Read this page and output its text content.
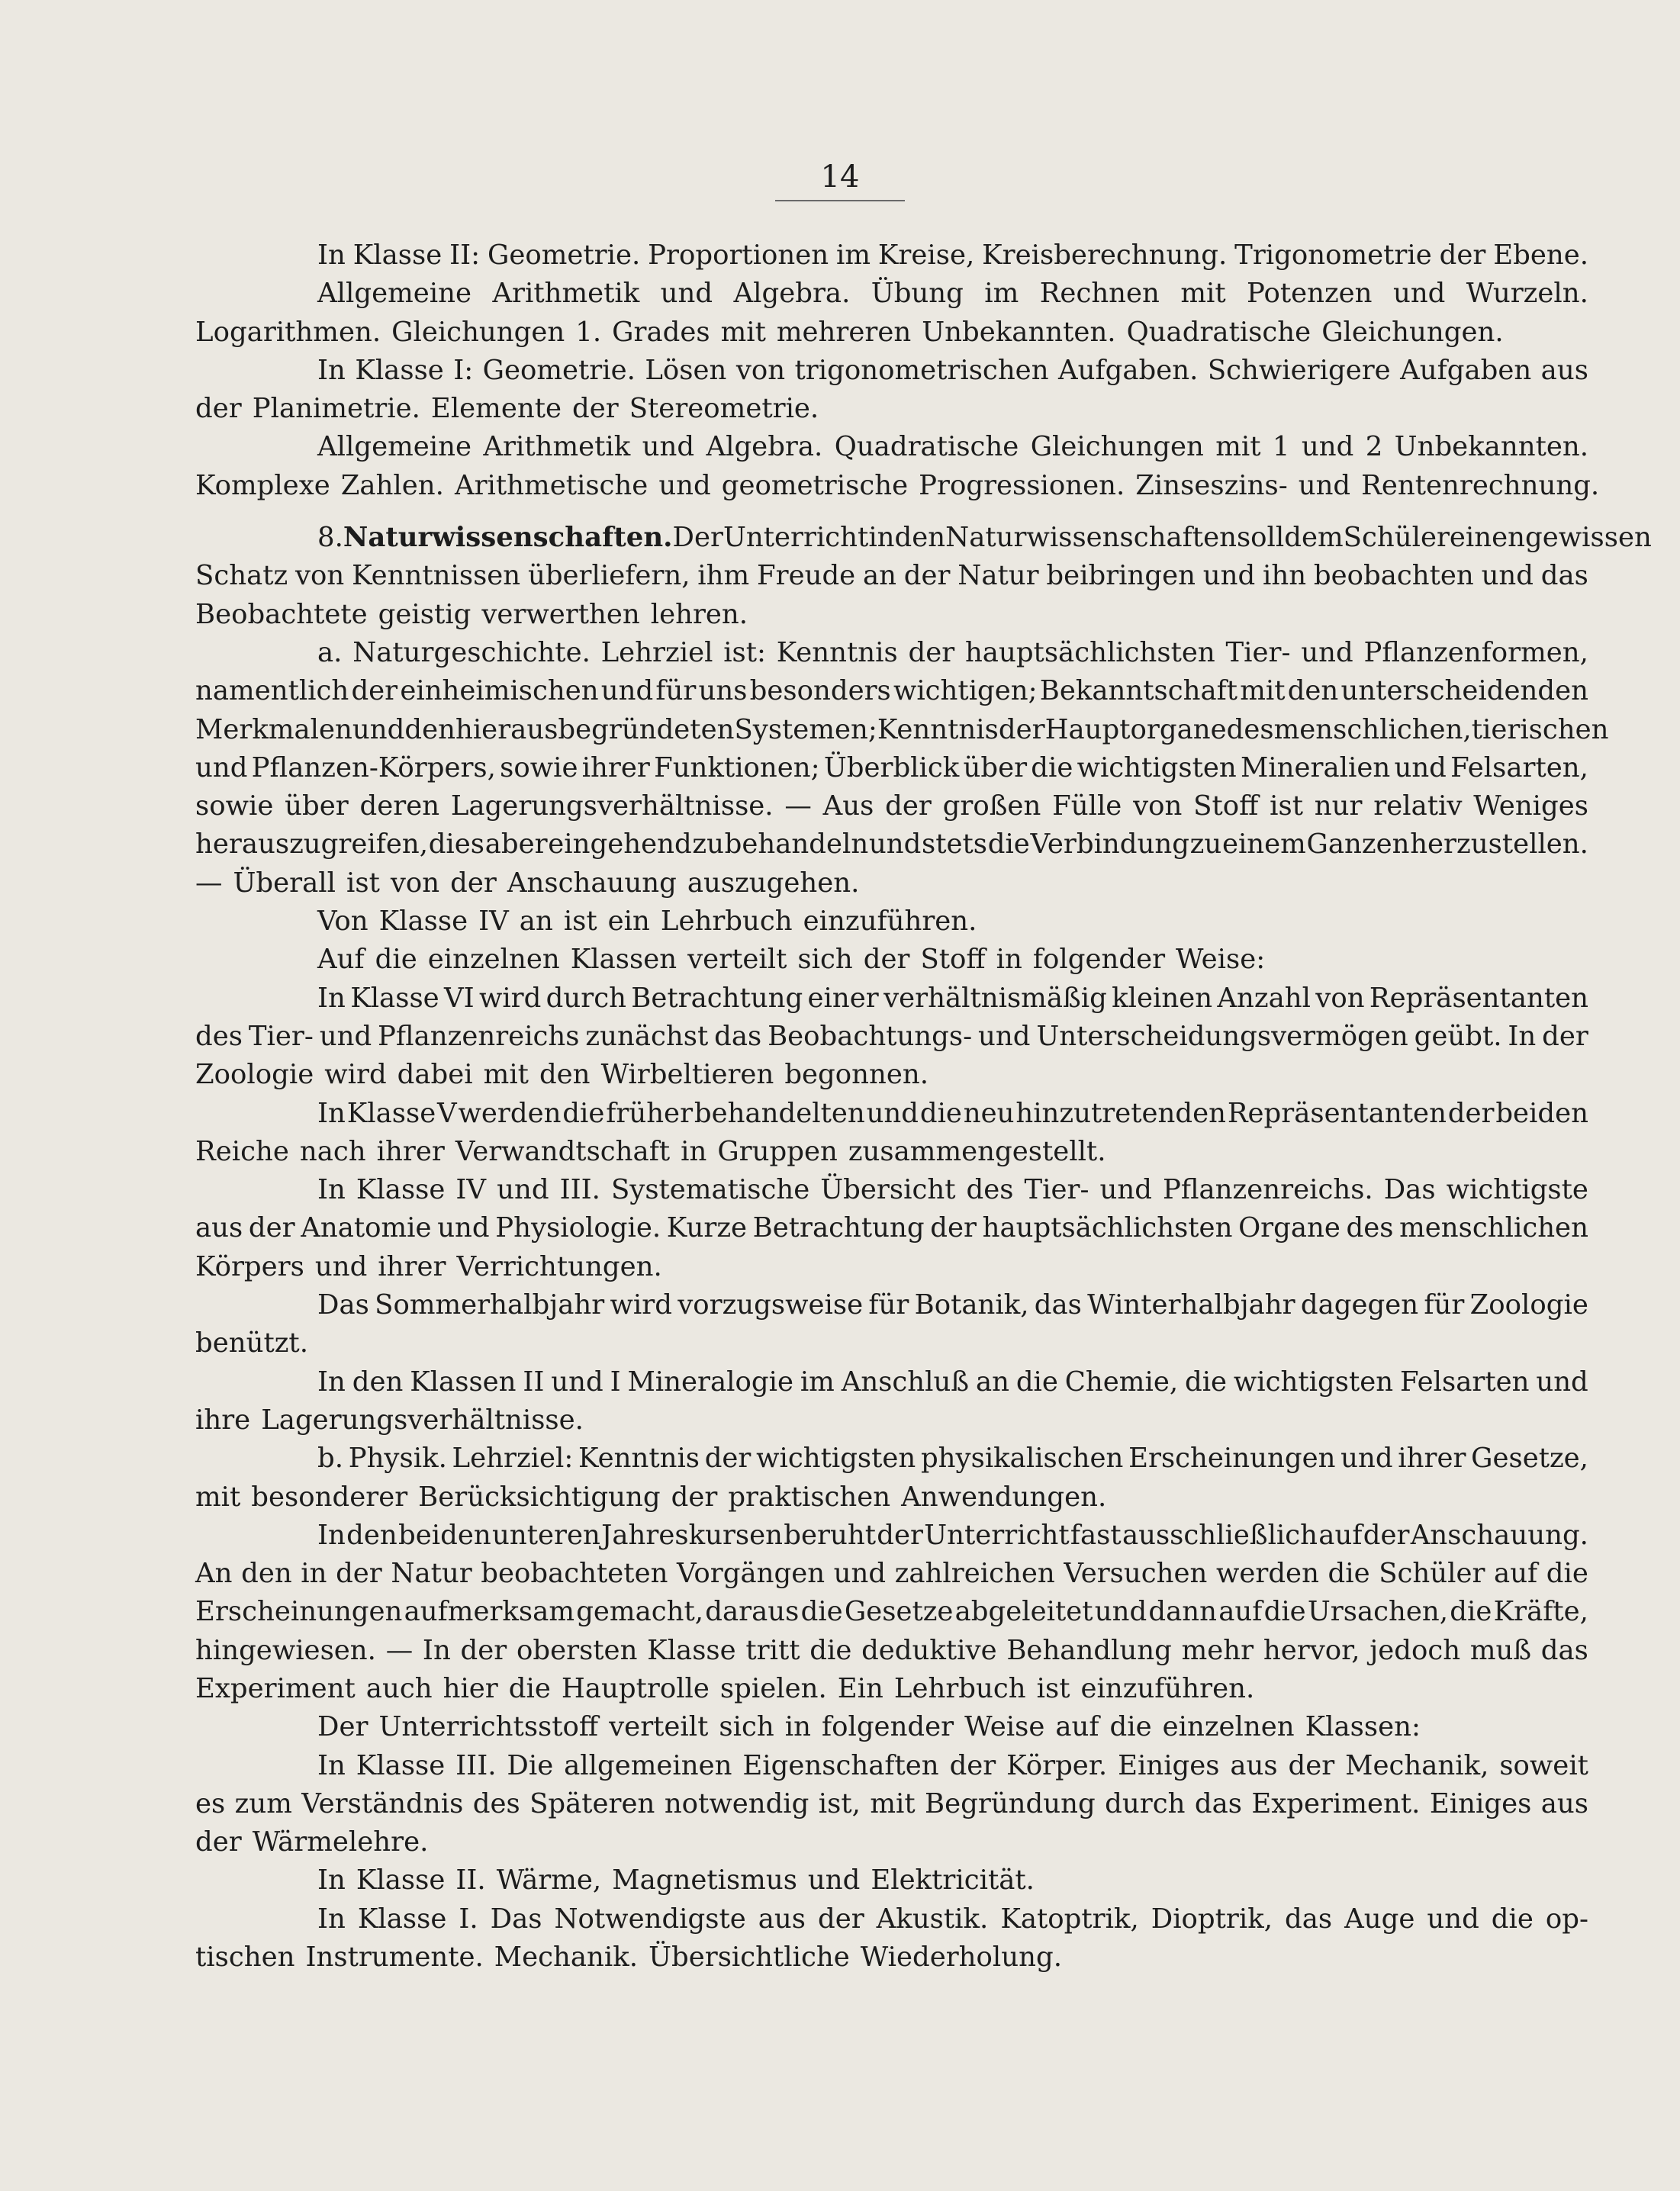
14
In Klasse II: Geometrie. Proportionen im Kreise, Kreisberechnung. Trigonometrie der Ebene.
Allgemeine Arithmetik und Algebra. Übung im Rechnen mit Potenzen und Wurzeln.
Logarithmen. Gleichungen 1. Grades mit mehreren Unbekannten. Quadratische Gleichungen.
In Klasse I: Geometrie. Lösen von trigonometrischen Aufgaben. Schwierigere Aufgaben aus
der Planimetrie. Elemente der Stereometrie.
Allgemeine Arithmetik und Algebra. Quadratische Gleichungen mit 1 und 2 Unbekannten.
Komplexe Zahlen. Arithmetische und geometrische Progressionen. Zinseszins- und Rentenrechnung.
8. Naturwissenschaften. Der Unterricht in den Naturwissenschaften soll dem Schüler einen gewissen
Schatz von Kenntnissen überliefern, ihm Freude an der Natur beibringen und ihn beobachten und das
Beobachtete geistig verwerthen lehren.
a. Naturgeschichte. Lehrziel ist: Kenntnis der hauptsächlichsten Tier- und Pflanzenformen,
namentlich der einheimischen und für uns besonders wichtigen; Bekanntschaft mit den unterscheidenden
Merkmalen und den hieraus begründeten Systemen; Kenntnis der Hauptorgane des menschlichen, tierischen
und Pflanzen-Körpers, sowie ihrer Funktionen; Überblick über die wichtigsten Mineralien und Felsarten,
sowie über deren Lagerungsverhältnisse. — Aus der großen Fülle von Stoff ist nur relativ Weniges
herauszugreifen, dies aber eingehend zu behandeln und stets die Verbindung zu einem Ganzen herzustellen.
— Überall ist von der Anschauung auszugehen.
Von Klasse IV an ist ein Lehrbuch einzuführen.
Auf die einzelnen Klassen verteilt sich der Stoff in folgender Weise:
In Klasse VI wird durch Betrachtung einer verhältnismäßig kleinen Anzahl von Repräsentanten
des Tier- und Pflanzenreichs zunächst das Beobachtungs- und Unterscheidungsvermögen geübt. In der
Zoologie wird dabei mit den Wirbeltieren begonnen.
In Klasse V werden die früher behandelten und die neu hinzutretenden Repräsentanten der beiden
Reiche nach ihrer Verwandtschaft in Gruppen zusammengestellt.
In Klasse IV und III. Systematische Übersicht des Tier- und Pflanzenreichs. Das wichtigste
aus der Anatomie und Physiologie. Kurze Betrachtung der hauptsächlichsten Organe des menschlichen
Körpers und ihrer Verrichtungen.
Das Sommerhalbjahr wird vorzugsweise für Botanik, das Winterhalbjahr dagegen für Zoologie
benützt.
In den Klassen II und I Mineralogie im Anschluß an die Chemie, die wichtigsten Felsarten und
ihre Lagerungsverhältnisse.
b. Physik. Lehrziel: Kenntnis der wichtigsten physikalischen Erscheinungen und ihrer Gesetze,
mit besonderer Berücksichtigung der praktischen Anwendungen.
In den beiden unteren Jahreskursen beruht der Unterricht fast ausschließlich auf der Anschauung.
An den in der Natur beobachteten Vorgängen und zahlreichen Versuchen werden die Schüler auf die
Erscheinungen aufmerksam gemacht, daraus die Gesetze abgeleitet und dann auf die Ursachen, die Kräfte,
hingewiesen. — In der obersten Klasse tritt die deduktive Behandlung mehr hervor, jedoch muß das
Experiment auch hier die Hauptrolle spielen. Ein Lehrbuch ist einzuführen.
Der Unterrichtsstoff verteilt sich in folgender Weise auf die einzelnen Klassen:
In Klasse III. Die allgemeinen Eigenschaften der Körper. Einiges aus der Mechanik, soweit
es zum Verständnis des Späteren notwendig ist, mit Begründung durch das Experiment. Einiges aus
der Wärmelehre.
In Klasse II. Wärme, Magnetismus und Elektricität.
In Klasse I. Das Notwendigste aus der Akustik. Katoptrik, Dioptrik, das Auge und die op-
tischen Instrumente. Mechanik. Übersichtliche Wiederholung.
